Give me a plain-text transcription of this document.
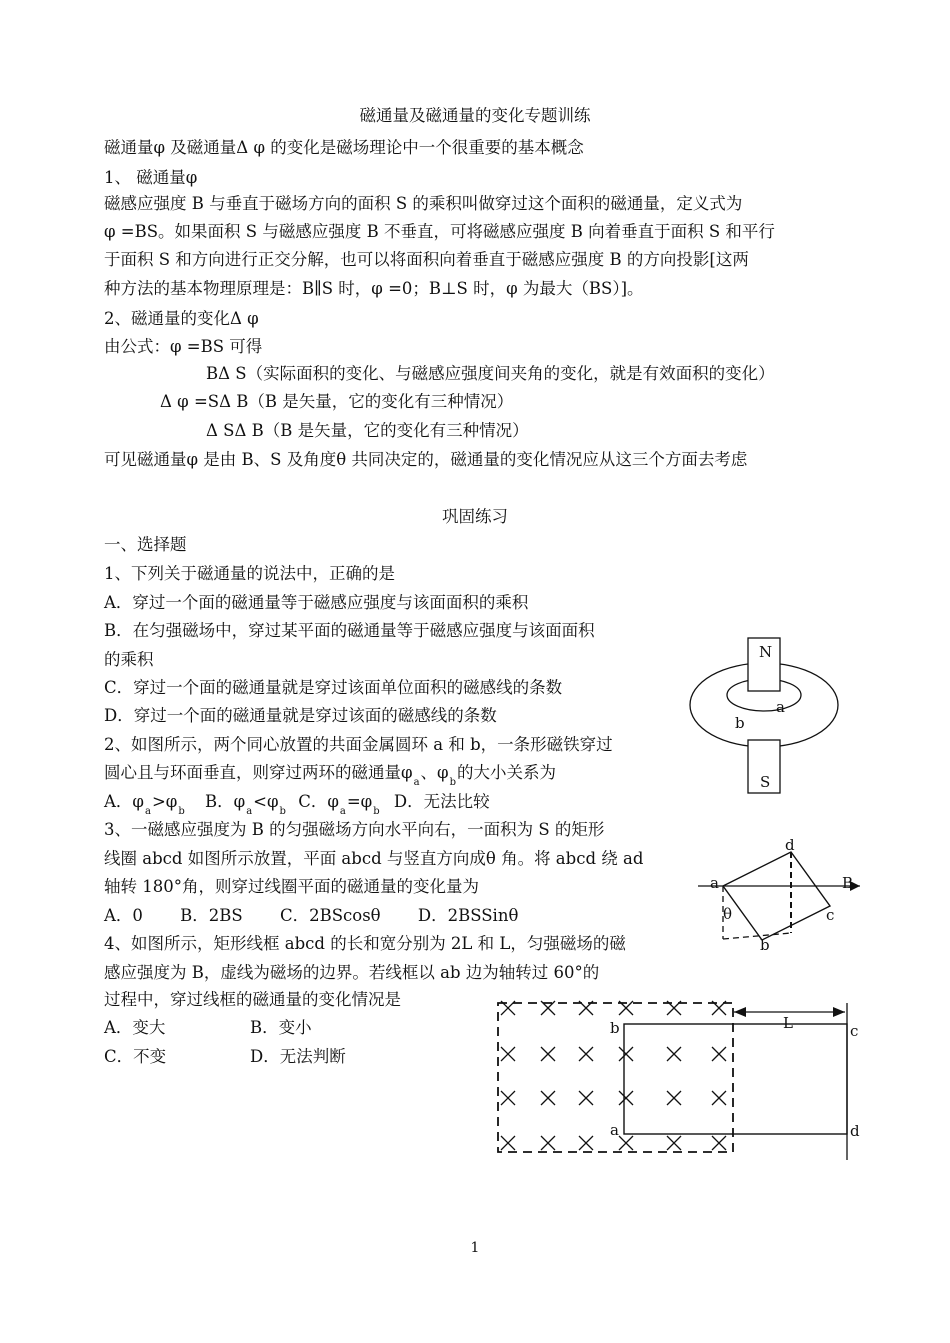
磁通量及磁通量的变化专题训练
磁通量φ 及磁通量Δ φ 的变化是磁场理论中一个很重要的基本概念
1、 磁通量φ
磁感应强度 B 与垂直于磁场方向的面积 S 的乘积叫做穿过这个面积的磁通量，定义式为
φ =BS。如果面积 S 与磁感应强度 B 不垂直，可将磁感应强度 B 向着垂直于面积 S 和平行
于面积 S 和方向进行正交分解，也可以将面积向着垂直于磁感应强度 B 的方向投影[这两
种方法的基本物理原理是：B∥S 时，φ =0；B⊥S 时，φ 为最大（BS）]。
2、磁通量的变化Δ φ
由公式：φ =BS 可得
BΔ S（实际面积的变化、与磁感应强度间夹角的变化，就是有效面积的变化）
Δ φ =SΔ B（B 是矢量，它的变化有三种情况）
Δ SΔ B（B 是矢量，它的变化有三种情况）
可见磁通量φ 是由 B、S 及角度θ 共同决定的，磁通量的变化情况应从这三个方面去考虑
巩固练习
一、选择题
1、下列关于磁通量的说法中，正确的是
A．穿过一个面的磁通量等于磁感应强度与该面面积的乘积
B．在匀强磁场中，穿过某平面的磁通量等于磁感应强度与该面面积
的乘积
C．穿过一个面的磁通量就是穿过该面单位面积的磁感线的条数
D．穿过一个面的磁通量就是穿过该面的磁感线的条数
2、如图所示，两个同心放置的共面金属圆环 a 和 b，一条形磁铁穿过
圆心且与环面垂直，则穿过两环的磁通量$\varphi_a$、$\varphi_b$的大小关系为
A．$\varphi_a>\varphi_b$ B．$\varphi_a<\varphi_b$ C．$\varphi_a=\varphi_b$ D．无法比较
3、一磁感应强度为 B 的匀强磁场方向水平向右，一面积为 S 的矩形
线圈 abcd 如图所示放置，平面 abcd 与竖直方向成θ 角。将 abcd 绕 ad
轴转 180°角，则穿过线圈平面的磁通量的变化量为
A．0 B．2BS C．2BScosθ D．2BSSinθ
4、如图所示，矩形线框 abcd 的长和宽分别为 2L 和 L，匀强磁场的磁
感应强度为 B，虚线为磁场的边界。若线框以 ab 边为轴转过 60°的
过程中，穿过线框的磁通量的变化情况是
A．变大	B．变小
C．不变	D．无法判断
N
S
a
b
a
d
c
b
B
θ
L
b
a
c
d
1
